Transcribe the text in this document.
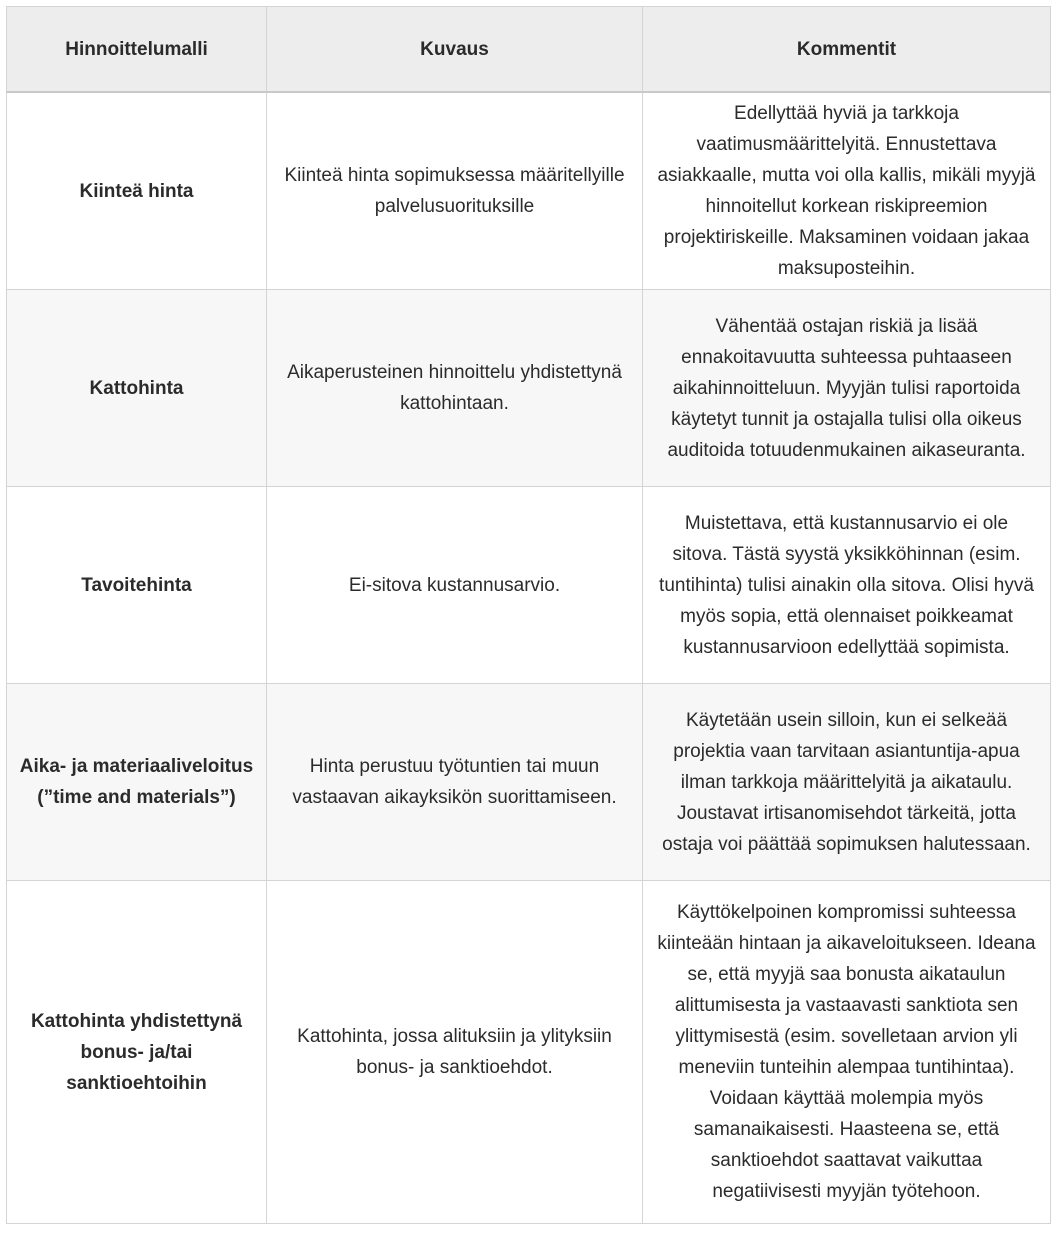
Hinnoittelumalli	Kuvaus	Kommentit
Kiinteä hinta	Kiinteä hinta sopimuksessa määritellyille palvelusuorituksille	Edellyttää hyviä ja tarkkoja vaatimusmäärittelyitä. Ennustettava asiakkaalle, mutta voi olla kallis, mikäli myyjä hinnoitellut korkean riskipreemion projektiriskeille. Maksaminen voidaan jakaa maksuposteihin.
Kattohinta	Aikaperusteinen hinnoittelu yhdistettynä kattohintaan.	Vähentää ostajan riskiä ja lisää ennakoitavuutta suhteessa puhtaaseen aikahinnoitteluun. Myyjän tulisi raportoida käytetyt tunnit ja ostajalla tulisi olla oikeus auditoida totuudenmukainen aikaseuranta.
Tavoitehinta	Ei-sitova kustannusarvio.	Muistettava, että kustannusarvio ei ole sitova. Tästä syystä yksikköhinnan (esim. tuntihinta) tulisi ainakin olla sitova. Olisi hyvä myös sopia, että olennaiset poikkeamat kustannusarvioon edellyttää sopimista.
Aika- ja materiaaliveloitus (”time and materials”)	Hinta perustuu työtuntien tai muun vastaavan aikayksikön suorittamiseen.	Käytetään usein silloin, kun ei selkeää projektia vaan tarvitaan asiantuntija-apua ilman tarkkoja määrittelyitä ja aikataulu. Joustavat irtisanomisehdot tärkeitä, jotta ostaja voi päättää sopimuksen halutessaan.
Kattohinta yhdistettynä bonus- ja/tai sanktioehtoihin	Kattohinta, jossa alituksiin ja ylityksiin bonus- ja sanktioehdot.	Käyttökelpoinen kompromissi suhteessa kiinteään hintaan ja aikaveloitukseen. Ideana se, että myyjä saa bonusta aikataulun alittumisesta ja vastaavasti sanktiota sen ylittymisestä (esim. sovelletaan arvion yli meneviin tunteihin alempaa tuntihintaa). Voidaan käyttää molempia myös samanaikaisesti. Haasteena se, että sanktioehdot saattavat vaikuttaa negatiivisesti myyjän työtehoon.
